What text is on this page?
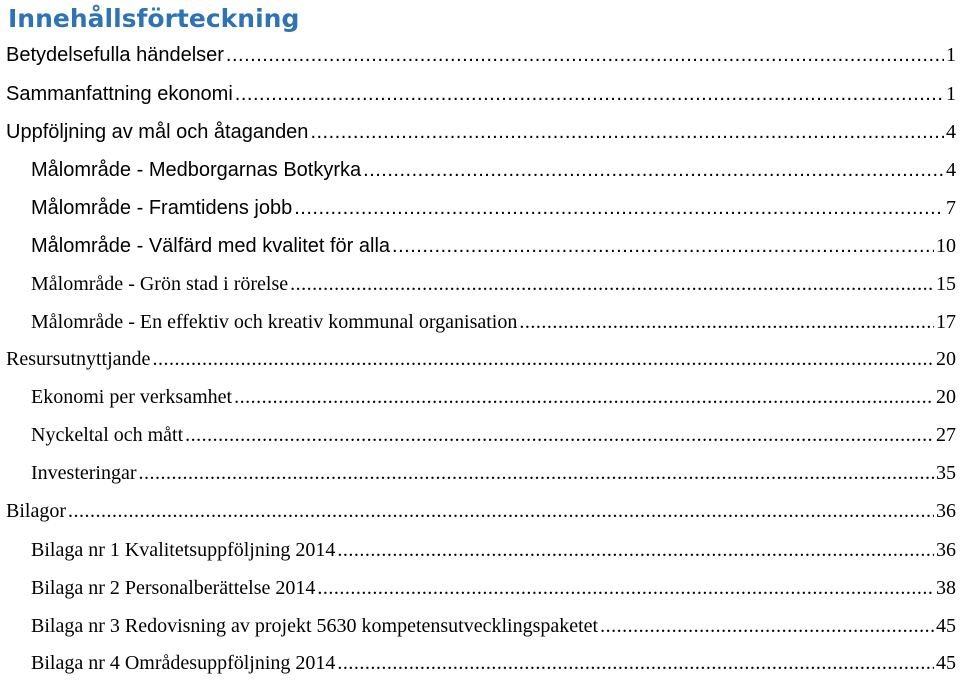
Innehållsförteckning
Betydelsefulla händelser .....	1
Sammanfattning ekonomi .....	1
Uppföljning av mål och åtaganden .....	4
Målområde - Medborgarnas Botkyrka .....	4
Målområde - Framtidens jobb .....	7
Målområde - Välfärd med kvalitet för alla .....	10
Målområde - Grön stad i rörelse .....	15
Målområde - En effektiv och kreativ kommunal organisation .....	17
Resursutnyttjande .....	20
Ekonomi per verksamhet .....	20
Nyckeltal och mått .....	27
Investeringar .....	35
Bilagor .....	36
Bilaga nr 1 Kvalitetsuppföljning 2014 .....	36
Bilaga nr 2 Personalberättelse 2014 .....	38
Bilaga nr 3 Redovisning av projekt 5630 kompetensutvecklingspaketet .....	45
Bilaga nr 4 Områdesuppföljning 2014 .....	45
